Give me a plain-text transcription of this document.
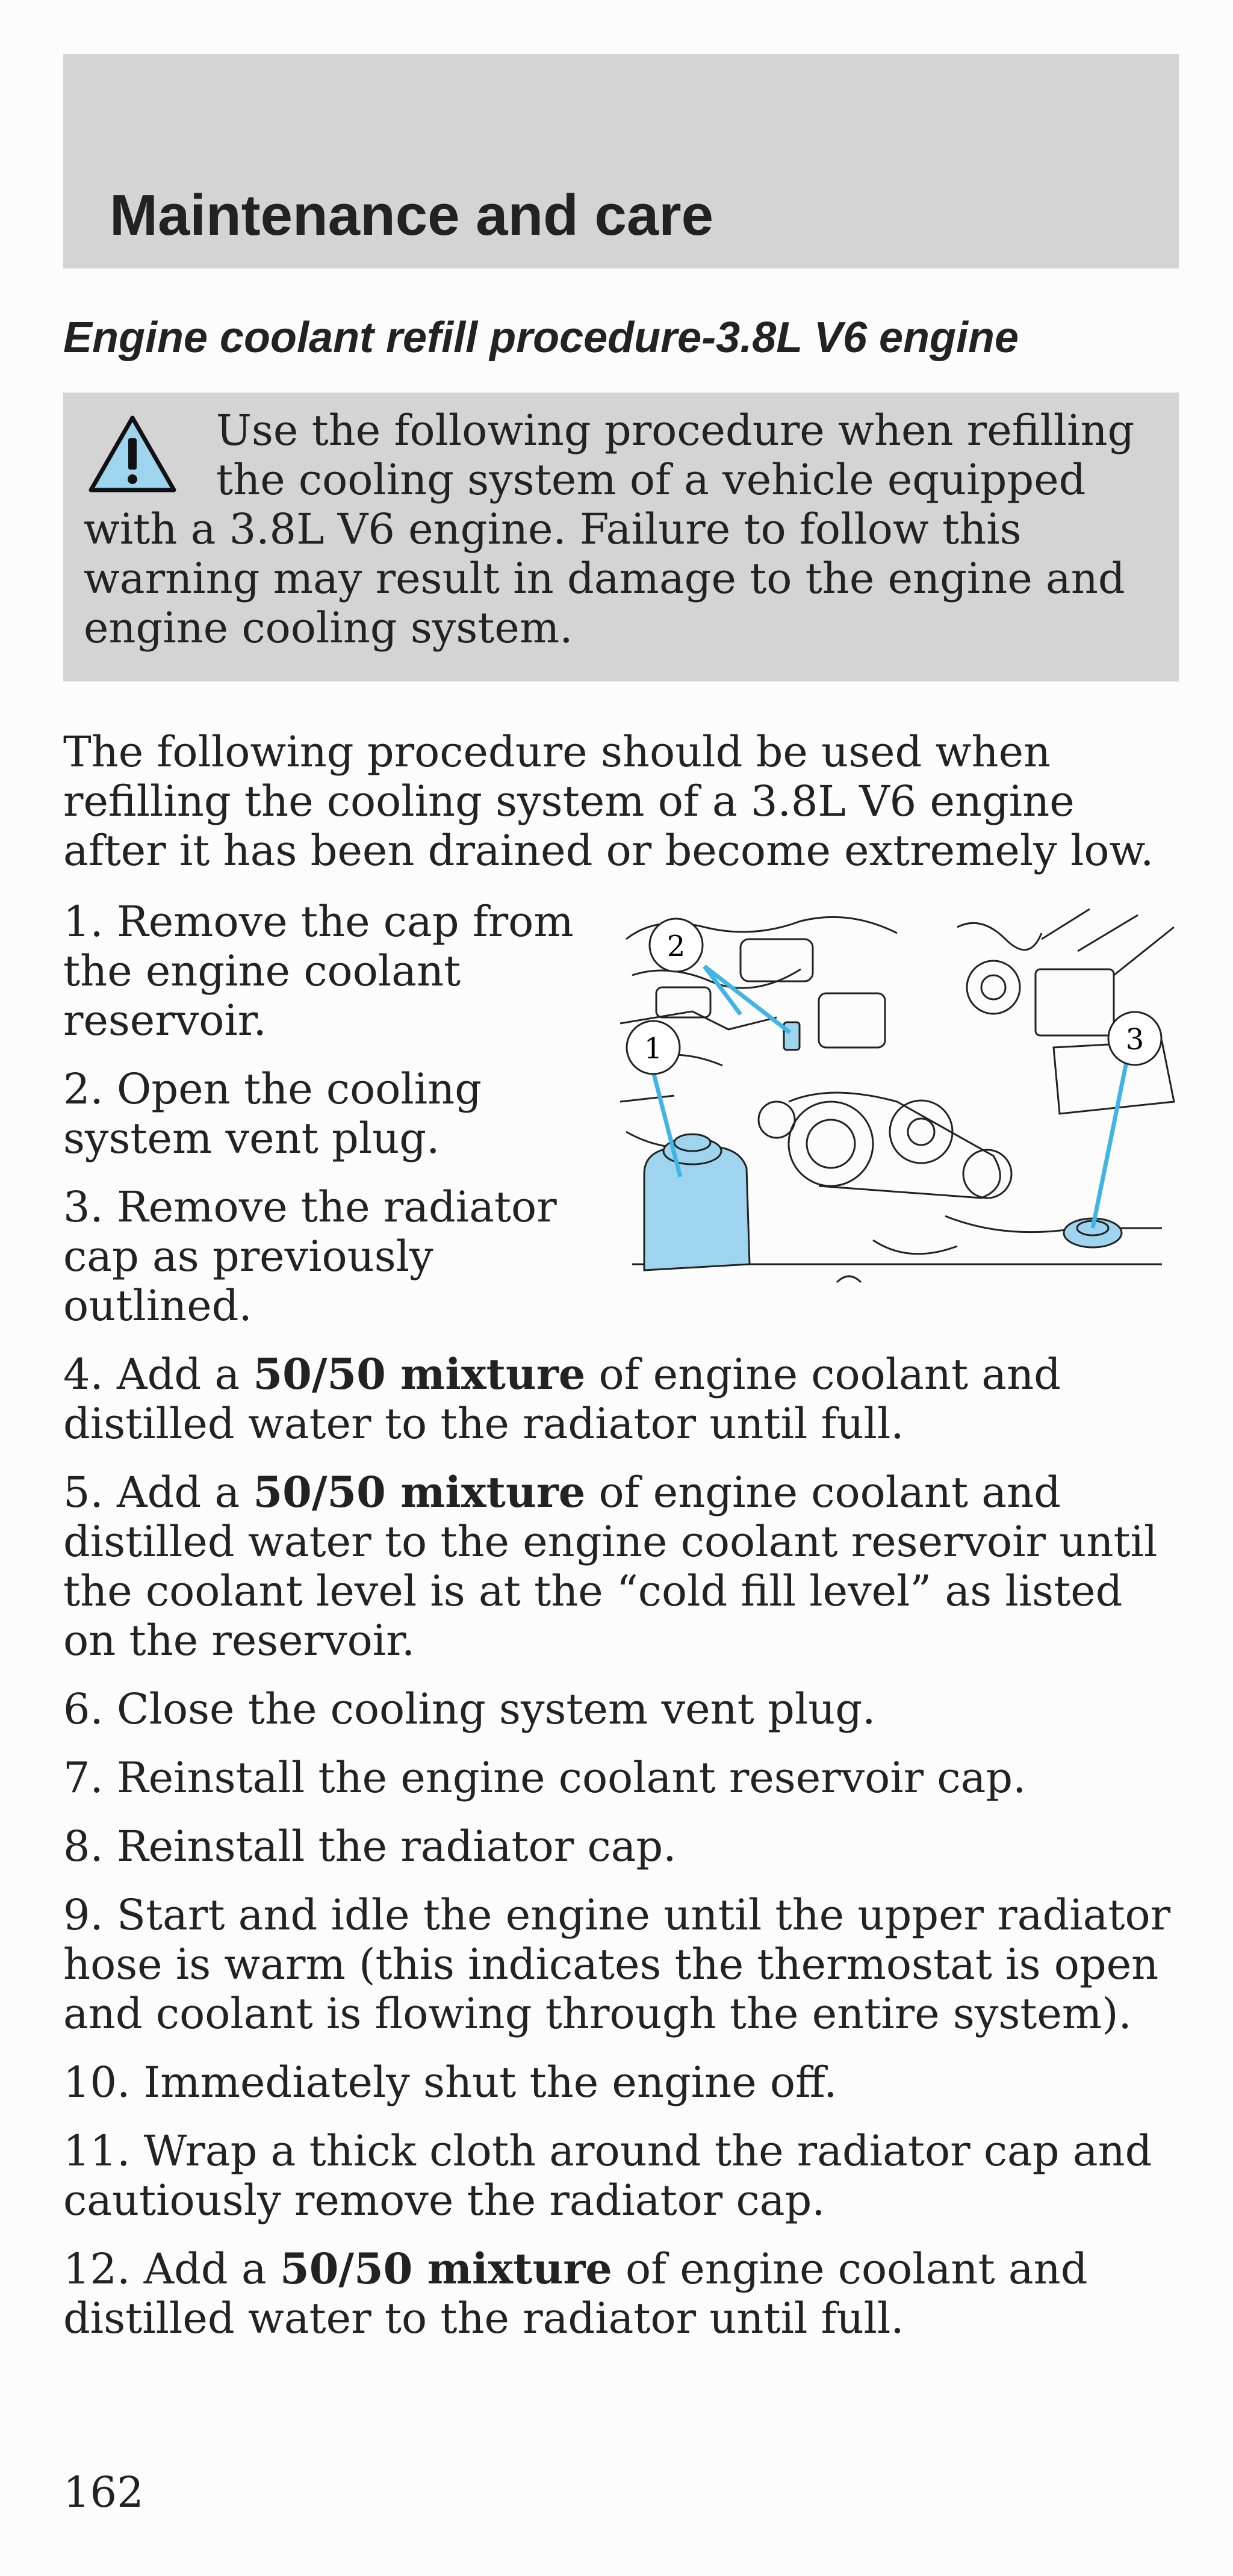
Maintenance and care
Engine coolant refill procedure-3.8L V6 engine

Use the following procedure when refilling the cooling system of a vehicle equipped with a 3.8L V6 engine. Failure to follow this warning may result in damage to the engine and engine cooling system.

The following procedure should be used when refilling the cooling system of a 3.8L V6 engine after it has been drained or become extremely low.

1. Remove the cap from the engine coolant reservoir.

2. Open the cooling system vent plug.

3. Remove the radiator cap as previously outlined.

4. Add a 50/50 mixture of engine coolant and distilled water to the radiator until full.

5. Add a 50/50 mixture of engine coolant and distilled water to the engine coolant reservoir until the coolant level is at the “cold fill level” as listed on the reservoir.

6. Close the cooling system vent plug.

7. Reinstall the engine coolant reservoir cap.

8. Reinstall the radiator cap.

9. Start and idle the engine until the upper radiator hose is warm (this indicates the thermostat is open and coolant is flowing through the entire system).

10. Immediately shut the engine off.

11. Wrap a thick cloth around the radiator cap and cautiously remove the radiator cap.

12. Add a 50/50 mixture of engine coolant and distilled water to the radiator until full.

1
2
3
162
